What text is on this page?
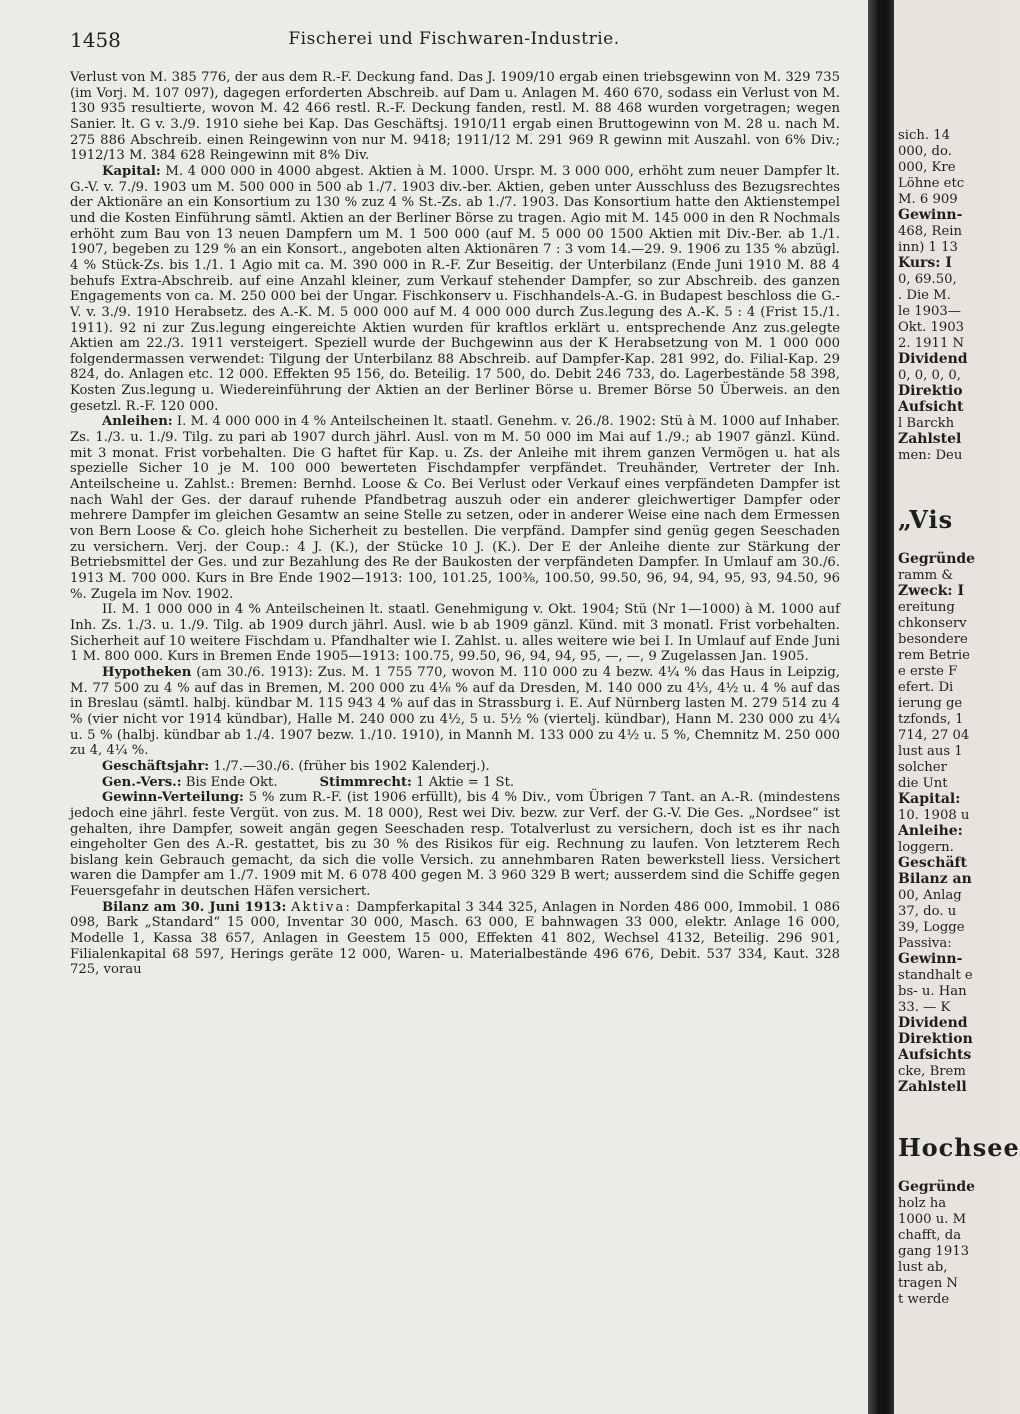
1458	Fischerei und Fischwaren-Industrie.

Verlust von M. 385 776, der aus dem R.-F. Deckung fand. Das J. 1909/10 ergab einen triebsgewinn von M. 329 735 (im Vorj. M. 107 097), dagegen erforderten Abschreib. auf Dam u. Anlagen M. 460 670, sodass ein Verlust von M. 130 935 resultierte, wovon M. 42 466 restl. R.-F. Deckung fanden, restl. M. 88 468 wurden vorgetragen; wegen Sanier. lt. G v. 3./9. 1910 siehe bei Kap. Das Geschäftsj. 1910/11 ergab einen Bruttogewinn von M. 28 u. nach M. 275 886 Abschreib. einen Reingewinn von nur M. 9418; 1911/12 M. 291 969 R gewinn mit Auszahl. von 6% Div.; 1912/13 M. 384 628 Reingewinn mit 8% Div.

Kapital: M. 4 000 000 in 4000 abgest. Aktien à M. 1000. Urspr. M. 3 000 000, erhöht zum neuer Dampfer lt. G.-V. v. 7./9. 1903 um M. 500 000 in 500 ab 1./7. 1903 div.-ber. Aktien, geben unter Ausschluss des Bezugsrechtes der Aktionäre an ein Konsortium zu 130 % zuz 4 % St.-Zs. ab 1./7. 1903. Das Konsortium hatte den Aktienstempel und die Kosten Einführung sämtl. Aktien an der Berliner Börse zu tragen. Agio mit M. 145 000 in den R Nochmals erhöht zum Bau von 13 neuen Dampfern um M. 1 500 000 (auf M. 5 000 00 1500 Aktien mit Div.-Ber. ab 1./1. 1907, begeben zu 129 % an ein Konsort., angeboten alten Aktionären 7 : 3 vom 14.—29. 9. 1906 zu 135 % abzügl. 4 % Stück-Zs. bis 1./1. 1 Agio mit ca. M. 390 000 in R.-F. Zur Beseitig. der Unterbilanz (Ende Juni 1910 M. 88 4 behufs Extra-Abschreib. auf eine Anzahl kleiner, zum Verkauf stehender Dampfer, so zur Abschreib. des ganzen Engagements von ca. M. 250 000 bei der Ungar. Fischkonserv u. Fischhandels-A.-G. in Budapest beschloss die G.-V. v. 3./9. 1910 Herabsetz. des A.-K. M. 5 000 000 auf M. 4 000 000 durch Zus.legung des A.-K. 5 : 4 (Frist 15./1. 1911). 92 ni zur Zus.legung eingereichte Aktien wurden für kraftlos erklärt u. entsprechende Anz zus.gelegte Aktien am 22./3. 1911 versteigert. Speziell wurde der Buchgewinn aus der K Herabsetzung von M. 1 000 000 folgendermassen verwendet: Tilgung der Unterbilanz 88 Abschreib. auf Dampfer-Kap. 281 992, do. Filial-Kap. 29 824, do. Anlagen etc. 12 000. Effekten 95 156, do. Beteilig. 17 500, do. Debit 246 733, do. Lagerbestände 58 398, Kosten Zus.legung u. Wiedereinführung der Aktien an der Berliner Börse u. Bremer Börse 50 Überweis. an den gesetzl. R.-F. 120 000.

Anleihen: I. M. 4 000 000 in 4 % Anteilscheinen lt. staatl. Genehm. v. 26./8. 1902: Stü à M. 1000 auf Inhaber. Zs. 1./3. u. 1./9. Tilg. zu pari ab 1907 durch jährl. Ausl. von m M. 50 000 im Mai auf 1./9.; ab 1907 gänzl. Künd. mit 3 monat. Frist vorbehalten. Die G haftet für Kap. u. Zs. der Anleihe mit ihrem ganzen Vermögen u. hat als spezielle Sicher 10 je M. 100 000 bewerteten Fischdampfer verpfändet. Treuhänder, Vertreter der Inh. Anteilscheine u. Zahlst.: Bremen: Bernhd. Loose & Co. Bei Verlust oder Verkauf eines verpfändeten Dampfer ist nach Wahl der Ges. der darauf ruhende Pfandbetrag auszuh oder ein anderer gleichwertiger Dampfer oder mehrere Dampfer im gleichen Gesamtw an seine Stelle zu setzen, oder in anderer Weise eine nach dem Ermessen von Bern Loose & Co. gleich hohe Sicherheit zu bestellen. Die verpfänd. Dampfer sind genüg gegen Seeschaden zu versichern. Verj. der Coup.: 4 J. (K.), der Stücke 10 J. (K.). Der E der Anleihe diente zur Stärkung der Betriebsmittel der Ges. und zur Bezahlung des Re der Baukosten der verpfändeten Dampfer. In Umlauf am 30./6. 1913 M. 700 000. Kurs in Bre Ende 1902—1913: 100, 101.25, 100⅜, 100.50, 99.50, 96, 94, 94, 95, 93, 94.50, 96 %. Zugela im Nov. 1902.

II. M. 1 000 000 in 4 % Anteilscheinen lt. staatl. Genehmigung v. Okt. 1904; Stü (Nr 1—1000) à M. 1000 auf Inh. Zs. 1./3. u. 1./9. Tilg. ab 1909 durch jährl. Ausl. wie b ab 1909 gänzl. Künd. mit 3 monatl. Frist vorbehalten. Sicherheit auf 10 weitere Fischdam u. Pfandhalter wie I. Zahlst. u. alles weitere wie bei I. In Umlauf auf Ende Juni 1 M. 800 000. Kurs in Bremen Ende 1905—1913: 100.75, 99.50, 96, 94, 94, 95, —, —, 9 Zugelassen Jan. 1905.

Hypotheken (am 30./6. 1913): Zus. M. 1 755 770, wovon M. 110 000 zu 4 bezw. 4¼ % das Haus in Leipzig, M. 77 500 zu 4 % auf das in Bremen, M. 200 000 zu 4⅛ % auf da Dresden, M. 140 000 zu 4⅓, 4½ u. 4 % auf das in Breslau (sämtl. halbj. kündbar M. 115 943 4 % auf das in Strassburg i. E. Auf Nürnberg lasten M. 279 514 zu 4 % (vier nicht vor 1914 kündbar), Halle M. 240 000 zu 4½, 5 u. 5½ % (viertelj. kündbar), Hann M. 230 000 zu 4¼ u. 5 % (halbj. kündbar ab 1./4. 1907 bezw. 1./10. 1910), in Mannh M. 133 000 zu 4½ u. 5 %, Chemnitz M. 250 000 zu 4, 4¼ %.

Geschäftsjahr: 1./7.—30./6. (früher bis 1902 Kalenderj.).

Gen.-Vers.: Bis Ende Okt.	Stimmrecht: 1 Aktie = 1 St.

Gewinn-Verteilung: 5 % zum R.-F. (ist 1906 erfüllt), bis 4 % Div., vom Übrigen 7 Tant. an A.-R. (mindestens jedoch eine jährl. feste Vergüt. von zus. M. 18 000), Rest wei Div. bezw. zur Verf. der G.-V. Die Ges. „Nordsee“ ist gehalten, ihre Dampfer, soweit angän gegen Seeschaden resp. Totalverlust zu versichern, doch ist es ihr nach eingeholter Gen des A.-R. gestattet, bis zu 30 % des Risikos für eig. Rechnung zu laufen. Von letzterem Rech bislang kein Gebrauch gemacht, da sich die volle Versich. zu annehmbaren Raten bewerkstell liess. Versichert waren die Dampfer am 1./7. 1909 mit M. 6 078 400 gegen M. 3 960 329 B wert; ausserdem sind die Schiffe gegen Feuersgefahr in deutschen Häfen versichert.

Bilanz am 30. Juni 1913: Aktiva: Dampferkapital 3 344 325, Anlagen in Norden 486 000, Immobil. 1 086 098, Bark „Standard“ 15 000, Inventar 30 000, Masch. 63 000, E bahnwagen 33 000, elektr. Anlage 16 000, Modelle 1, Kassa 38 657, Anlagen in Geestem 15 000, Effekten 41 802, Wechsel 4132, Beteilig. 296 901, Filialenkapital 68 597, Herings geräte 12 000, Waren- u. Materialbestände 496 676, Debit. 537 334, Kaut. 328 725, vorau

sich. 14
000, do.
000, Kre
Löhne etc
M. 6 909
Gewinn-
468, Rein
inn) 1 13
Kurs: I
0, 69.50,
. Die M.
le 1903—
Okt. 1903
2. 1911 N
Dividend
0, 0, 0, 0,
Direktio
Aufsicht
l Barckh
Zahlstel
men: Deu
„Vis
Gegründe
ramm &
Zweck: I
ereitung
chkonserv
besondere
rem Betrie
e erste F
efert. Di
ierung ge
tzfonds, 1
714, 27 04
lust aus 1
solcher
die Unt
Kapital:
10. 1908 u
Anleihe:
loggern.
Geschäft
Bilanz an
00, Anlag
37, do. u
39, Logge
Passiva:
Gewinn-
standhalt e
bs- u. Han
33. — K
Dividend
Direktion
Aufsichts
cke, Brem
Zahlstell
Hochsee
Gegründe
holz ha
1000 u. M
chafft, da
gang 1913
lust ab,
tragen N
t werde
